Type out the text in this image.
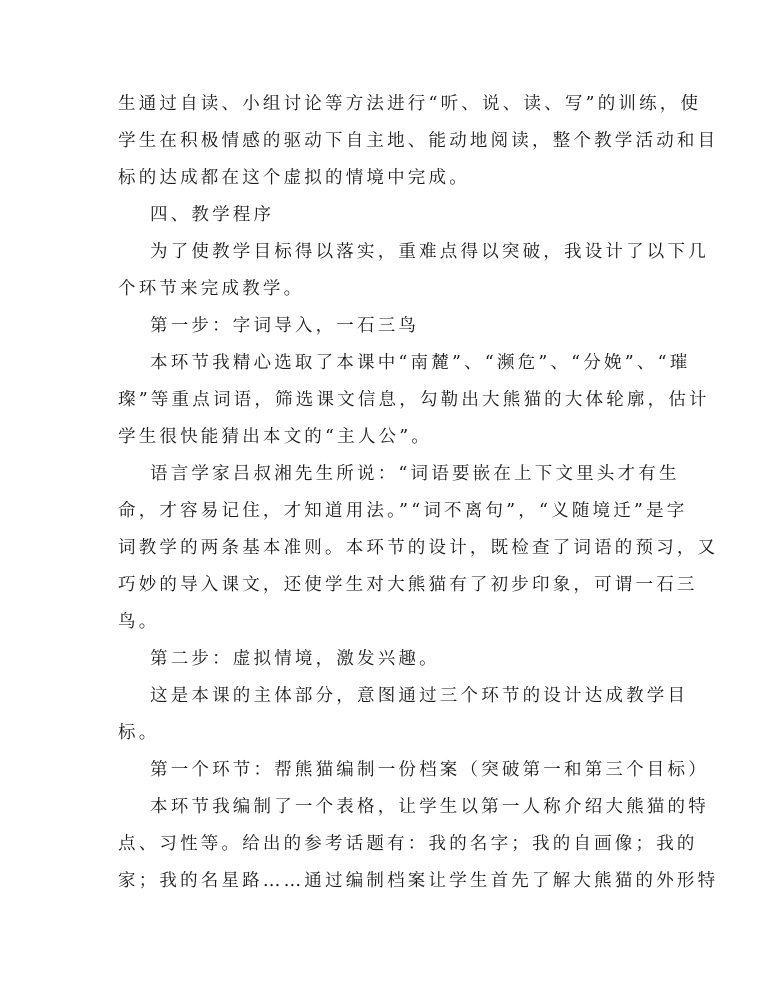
生通过自读、小组讨论等方法进行“听、说、读、写”的训练，使
学生在积极情感的驱动下自主地、能动地阅读，整个教学活动和目
标的达成都在这个虚拟的情境中完成。
四、教学程序
为了使教学目标得以落实，重难点得以突破，我设计了以下几
个环节来完成教学。
第一步：字词导入，一石三鸟
本环节我精心选取了本课中“南麓”、“濒危”、“分娩”、“璀
璨”等重点词语，筛选课文信息，勾勒出大熊猫的大体轮廓，估计
学生很快能猜出本文的“主人公”。
语言学家吕叔湘先生所说：“词语要嵌在上下文里头才有生
命，才容易记住，才知道用法。”“词不离句”，“义随境迁”是字
词教学的两条基本准则。本环节的设计，既检查了词语的预习，又
巧妙的导入课文，还使学生对大熊猫有了初步印象，可谓一石三
鸟。
第二步：虚拟情境，激发兴趣。
这是本课的主体部分，意图通过三个环节的设计达成教学目
标。
第一个环节：帮熊猫编制一份档案（突破第一和第三个目标）
本环节我编制了一个表格，让学生以第一人称介绍大熊猫的特
点、习性等。给出的参考话题有：我的名字；我的自画像；我的
家；我的名星路……通过编制档案让学生首先了解大熊猫的外形特
